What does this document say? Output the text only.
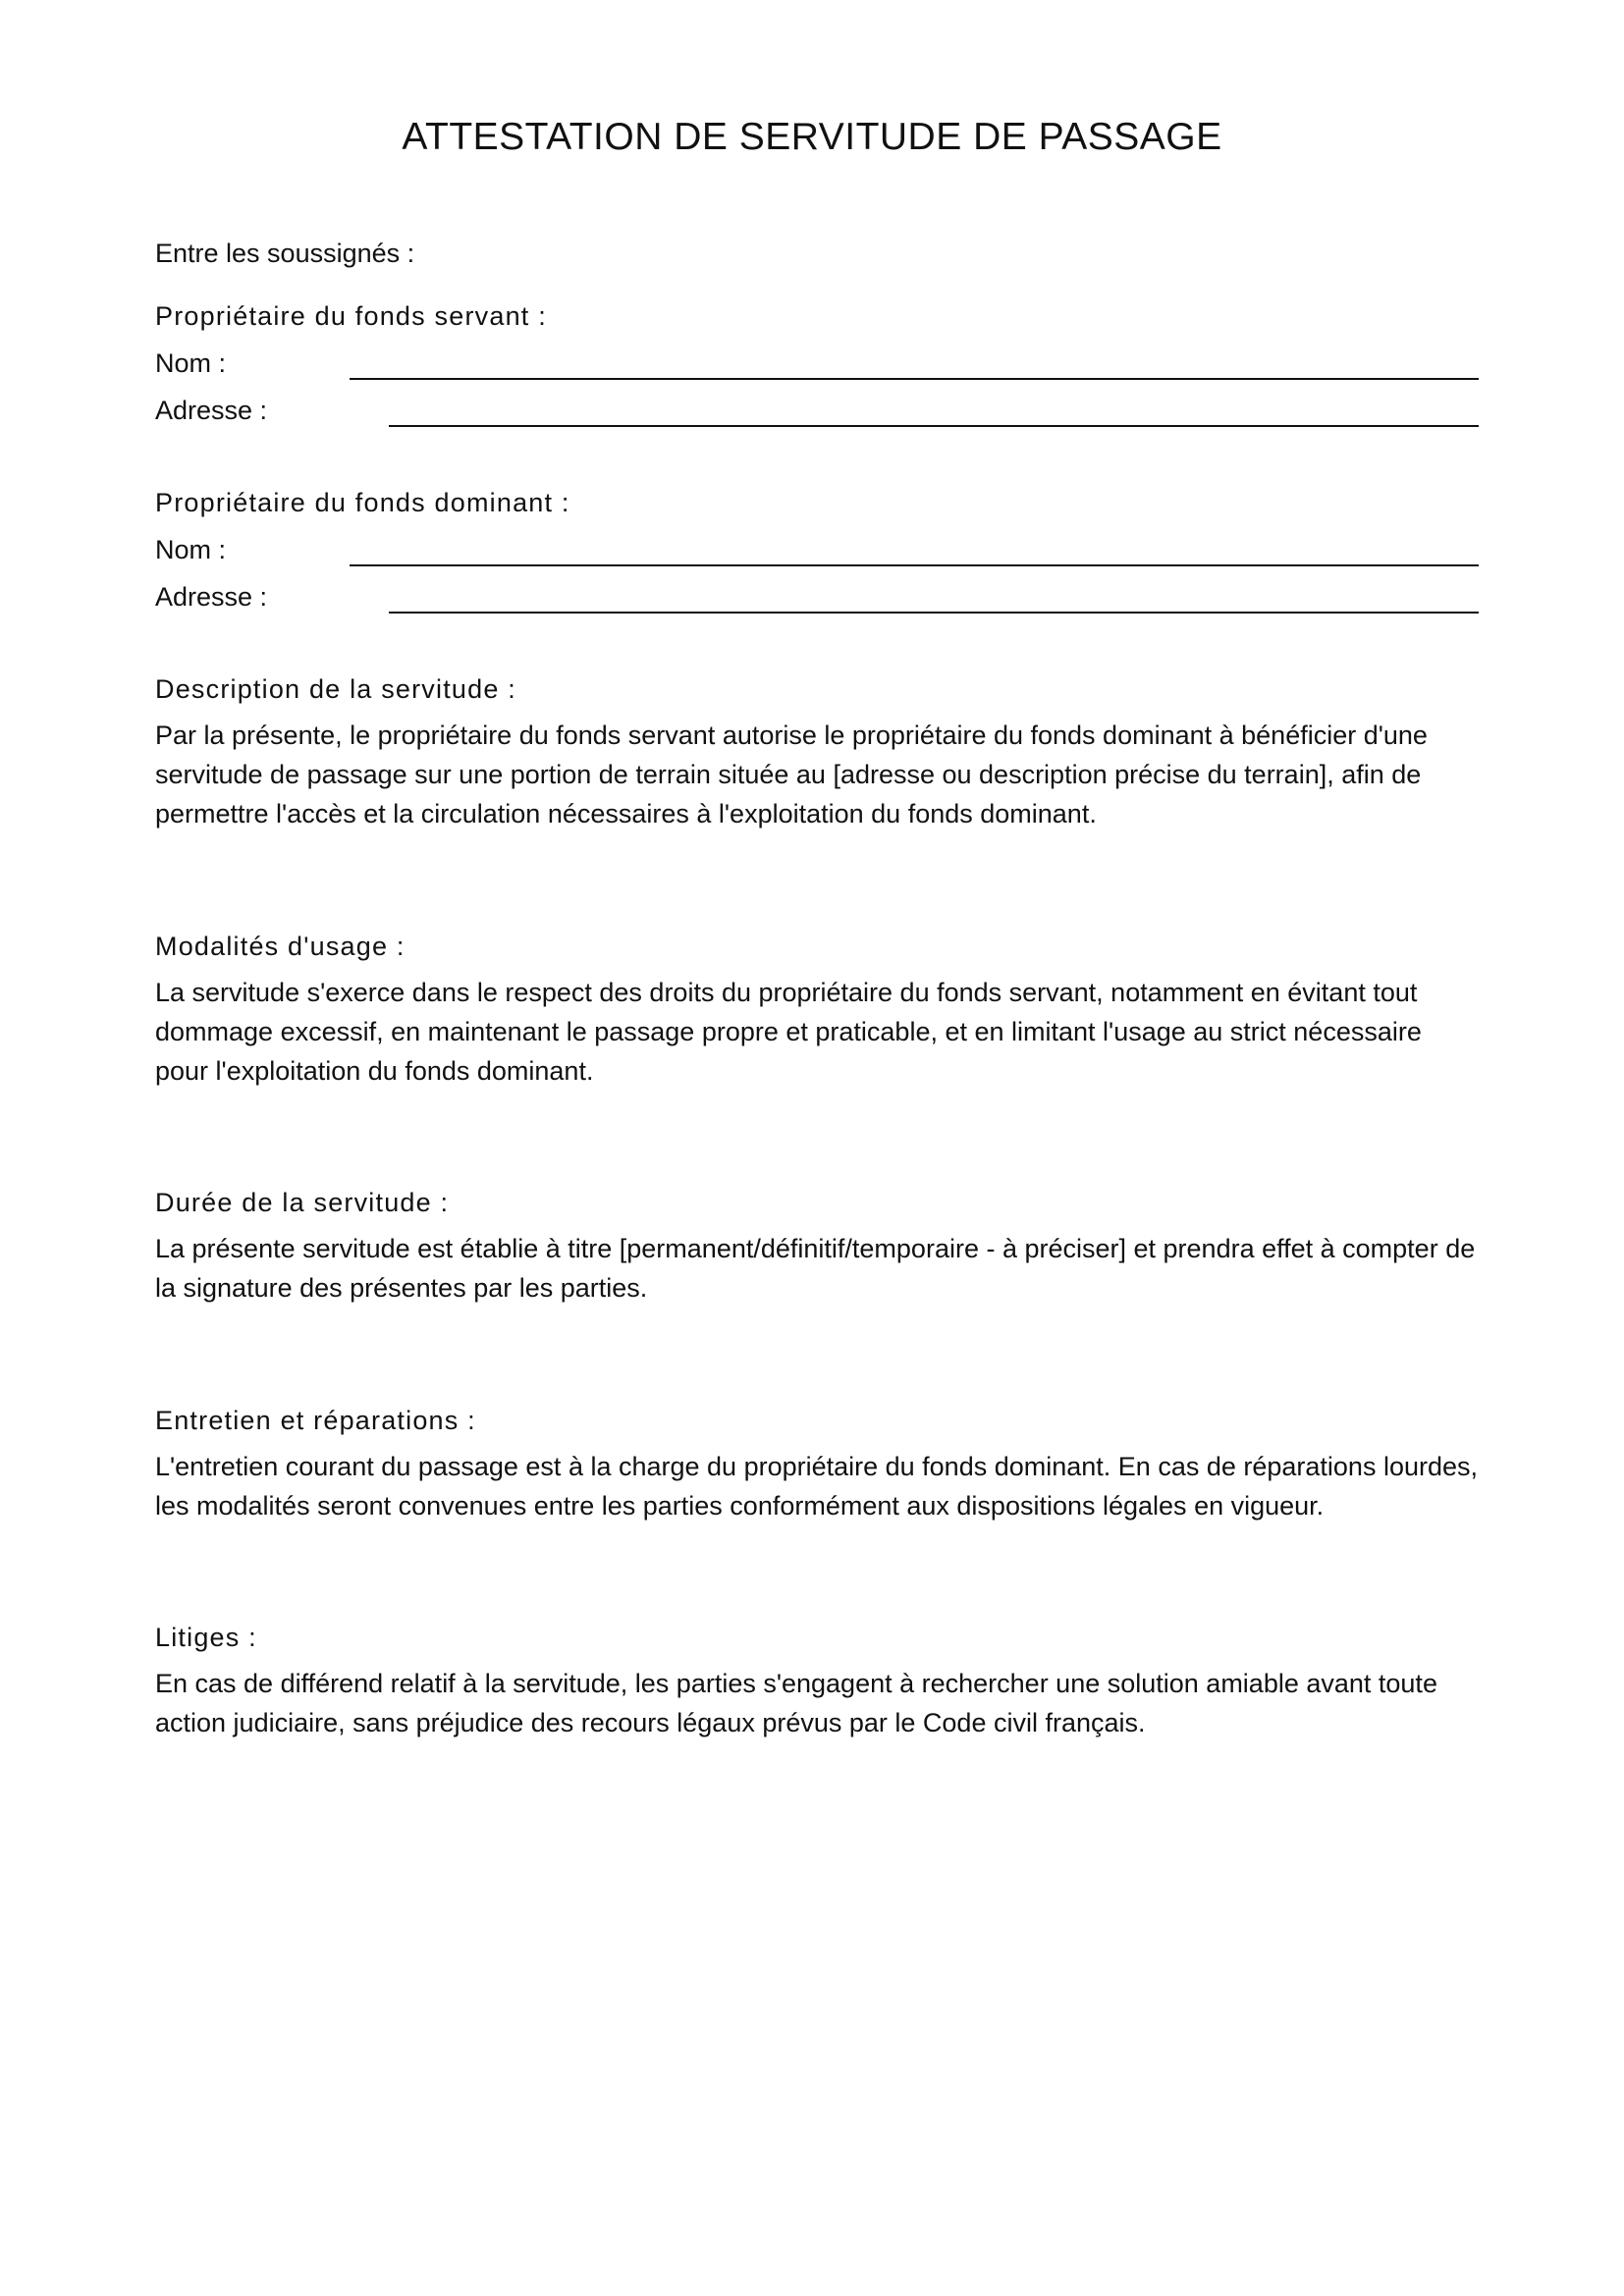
ATTESTATION DE SERVITUDE DE PASSAGE
Entre les soussignés :
Propriétaire du fonds servant :
Nom :
Adresse :
Propriétaire du fonds dominant :
Nom :
Adresse :
Description de la servitude :

Par la présente, le propriétaire du fonds servant autorise le propriétaire du fonds dominant à bénéficier d'une servitude de passage sur une portion de terrain située au [adresse ou description précise du terrain], afin de permettre l'accès et la circulation nécessaires à l'exploitation du fonds dominant.

Modalités d'usage :

La servitude s'exerce dans le respect des droits du propriétaire du fonds servant, notamment en évitant tout dommage excessif, en maintenant le passage propre et praticable, et en limitant l'usage au strict nécessaire pour l'exploitation du fonds dominant.

Durée de la servitude :

La présente servitude est établie à titre [permanent/définitif/temporaire - à préciser] et prendra effet à compter de la signature des présentes par les parties.

Entretien et réparations :

L'entretien courant du passage est à la charge du propriétaire du fonds dominant. En cas de réparations lourdes, les modalités seront convenues entre les parties conformément aux dispositions légales en vigueur.

Litiges :

En cas de différend relatif à la servitude, les parties s'engagent à rechercher une solution amiable avant toute action judiciaire, sans préjudice des recours légaux prévus par le Code civil français.
